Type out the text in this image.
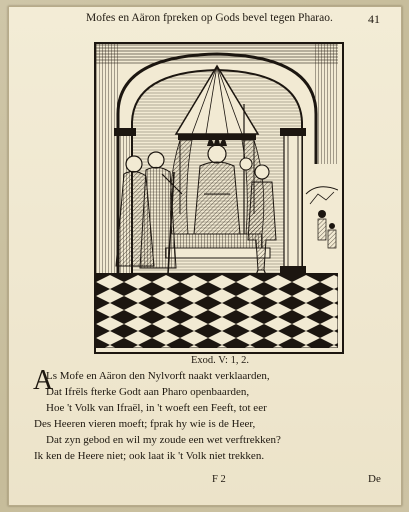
Mofes en Aäron fpreken op Gods bevel tegen Pharao.	41
Exod. V: 1, 2.
A
Ls Mofe en Aäron den Nylvorft naakt verklaarden,
Dat Ifrëls fterke Godt aan Pharo openbaarden,
Hoe 't Volk van Ifraël, in 't woeft een Feeft, tot eer
Des Heeren vieren moeft; fprak hy wie is de Heer,
Dat zyn gebod en wil my zoude een wet verftrekken?
Ik ken de Heere niet; ook laat ik 't Volk niet trekken.
F 2	De
